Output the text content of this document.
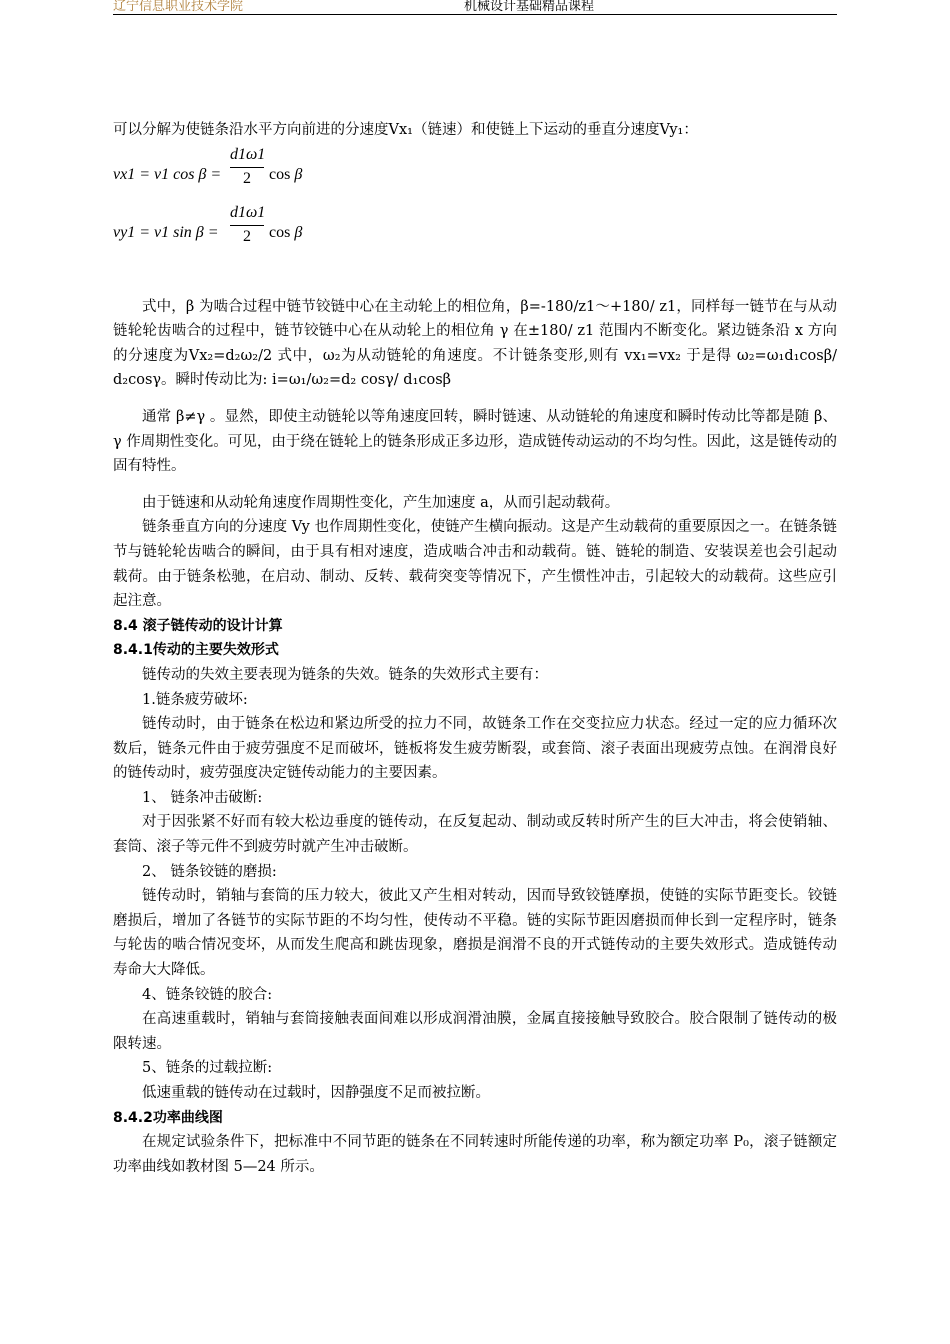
辽宁信息职业技术学院	机械设计基础精品课程

可以分解为使链条沿水平方向前进的分速度Vx₁（链速）和使链上下运动的垂直分速度Vy₁：

vx1 = v1 $\cos \beta = \frac{d1\omega 1}{2}$ cos β
vy1 = v1 $\sin \beta = \frac{d1\omega 1}{2}$ cos β

式中，β 为啮合过程中链节铰链中心在主动轮上的相位角，β=-180/z1～+180/ z1，同样每一链节在与从动链轮轮齿啮合的过程中，链节铰链中心在从动轮上的相位角 γ 在±180/ z1 范围内不断变化。紧边链条沿 x 方向的分速度为Vx₂=d₂ω₂/2 式中，ω₂为从动链轮的角速度。不计链条变形,则有 vx₁=vx₂ 于是得 ω₂=ω₁d₁cosβ/ d₂cosγ。瞬时传动比为: i=ω₁/ω₂=d₂ cosγ/ d₁cosβ

通常 β≠γ 。显然，即使主动链轮以等角速度回转，瞬时链速、从动链轮的角速度和瞬时传动比等都是随 β、γ 作周期性变化。可见，由于绕在链轮上的链条形成正多边形，造成链传动运动的不均匀性。因此，这是链传动的固有特性。

由于链速和从动轮角速度作周期性变化，产生加速度 a，从而引起动载荷。

链条垂直方向的分速度 Vy 也作周期性变化，使链产生横向振动。这是产生动载荷的重要原因之一。在链条链节与链轮轮齿啮合的瞬间，由于具有相对速度，造成啮合冲击和动载荷。链、链轮的制造、安装误差也会引起动载荷。由于链条松驰，在启动、制动、反转、载荷突变等情况下，产生惯性冲击，引起较大的动载荷。这些应引起注意。

8.4 滚子链传动的设计计算

8.4.1传动的主要失效形式

链传动的失效主要表现为链条的失效。链条的失效形式主要有：

1.链条疲劳破坏:

链传动时，由于链条在松边和紧边所受的拉力不同，故链条工作在交变拉应力状态。经过一定的应力循环次数后，链条元件由于疲劳强度不足而破坏，链板将发生疲劳断裂，或套筒、滚子表面出现疲劳点蚀。在润滑良好的链传动时，疲劳强度决定链传动能力的主要因素。

1、 链条冲击破断:

对于因张紧不好而有较大松边垂度的链传动，在反复起动、制动或反转时所产生的巨大冲击，将会使销轴、套筒、滚子等元件不到疲劳时就产生冲击破断。

2、 链条铰链的磨损:

链传动时，销轴与套筒的压力较大，彼此又产生相对转动，因而导致铰链摩损，使链的实际节距变长。铰链磨损后，增加了各链节的实际节距的不均匀性，使传动不平稳。链的实际节距因磨损而伸长到一定程序时，链条与轮齿的啮合情况变坏，从而发生爬高和跳齿现象，磨损是润滑不良的开式链传动的主要失效形式。造成链传动寿命大大降低。

4、链条铰链的胶合:

在高速重载时，销轴与套筒接触表面间难以形成润滑油膜，金属直接接触导致胶合。胶合限制了链传动的极限转速。

5、链条的过载拉断:

低速重载的链传动在过载时，因静强度不足而被拉断。

8.4.2功率曲线图

在规定试验条件下，把标准中不同节距的链条在不同转速时所能传递的功率，称为额定功率 P₀，滚子链额定功率曲线如教材图 5—24 所示。
